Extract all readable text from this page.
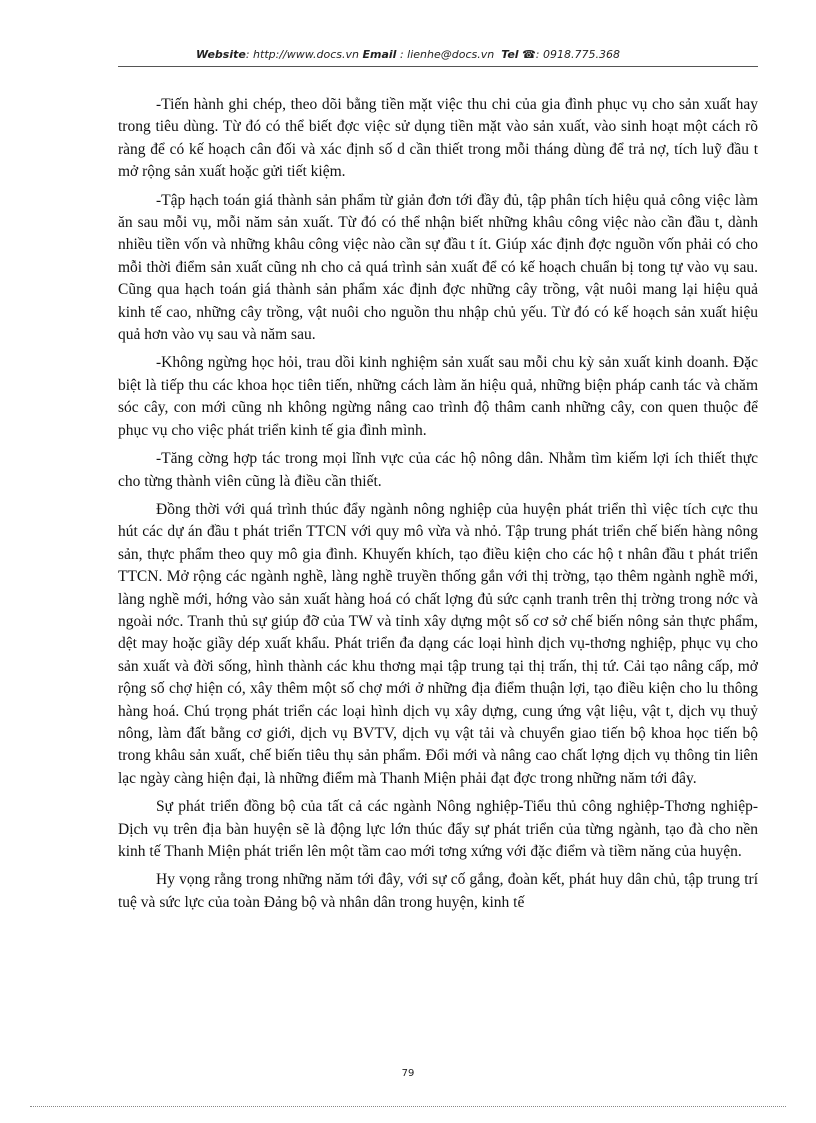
Website: http://www.docs.vn Email : lienhe@docs.vn Tel ☎: 0918.775.368

-Tiến hành ghi chép, theo dõi bằng tiền mặt việc thu chi của gia đình phục vụ cho sản xuất hay trong tiêu dùng. Từ đó có thể biết đợc việc sử dụng tiền mặt vào sản xuất, vào sinh hoạt một cách rõ ràng để có kế hoạch cân đối và xác định số d cần thiết trong mỗi tháng dùng để trả nợ, tích luỹ đầu t mở rộng sản xuất hoặc gửi tiết kiệm.

-Tập hạch toán giá thành sản phẩm từ giản đơn tới đầy đủ, tập phân tích hiệu quả công việc làm ăn sau mỗi vụ, mỗi năm sản xuất. Từ đó có thể nhận biết những khâu công việc nào cần đầu t, dành nhiều tiền vốn và những khâu công việc nào cần sự đầu t ít. Giúp xác định đợc nguồn vốn phải có cho mỗi thời điểm sản xuất cũng nh cho cả quá trình sản xuất để có kế hoạch chuẩn bị tong tự vào vụ sau. Cũng qua hạch toán giá thành sản phẩm xác định đợc những cây trồng, vật nuôi mang lại hiệu quả kinh tế cao, những cây trồng, vật nuôi cho nguồn thu nhập chủ yếu. Từ đó có kế hoạch sản xuất hiệu quả hơn vào vụ sau và năm sau.

-Không ngừng học hỏi, trau dồi kinh nghiệm sản xuất sau mỗi chu kỳ sản xuất kinh doanh. Đặc biệt là tiếp thu các khoa học tiên tiến, những cách làm ăn hiệu quả, những biện pháp canh tác và chăm sóc cây, con mới cũng nh không ngừng nâng cao trình độ thâm canh những cây, con quen thuộc để phục vụ cho việc phát triển kinh tế gia đình mình.

-Tăng cờng hợp tác trong mọi lĩnh vực của các hộ nông dân. Nhằm tìm kiếm lợi ích thiết thực cho từng thành viên cũng là điều cần thiết.

Đồng thời với quá trình thúc đẩy ngành nông nghiệp của huyện phát triển thì việc tích cực thu hút các dự án đầu t phát triển TTCN với quy mô vừa và nhỏ. Tập trung phát triển chế biến hàng nông sản, thực phẩm theo quy mô gia đình. Khuyến khích, tạo điều kiện cho các hộ t nhân đầu t phát triển TTCN. Mở rộng các ngành nghề, làng nghề truyền thống gắn với thị trờng, tạo thêm ngành nghề mới, làng nghề mới, hớng vào sản xuất hàng hoá có chất lợng đủ sức cạnh tranh trên thị trờng trong nớc và ngoài nớc. Tranh thủ sự giúp đỡ của TW và tỉnh xây dựng một số cơ sở chế biến nông sản thực phẩm, dệt may hoặc giầy dép xuất khẩu. Phát triển đa dạng các loại hình dịch vụ-thơng nghiệp, phục vụ cho sản xuất và đời sống, hình thành các khu thơng mại tập trung tại thị trấn, thị tứ. Cải tạo nâng cấp, mở rộng số chợ hiện có, xây thêm một số chợ mới ở những địa điểm thuận lợi, tạo điều kiện cho lu thông hàng hoá. Chú trọng phát triển các loại hình dịch vụ xây dựng, cung ứng vật liệu, vật t, dịch vụ thuỷ nông, làm đất bằng cơ giới, dịch vụ BVTV, dịch vụ vật tải và chuyển giao tiến bộ khoa học tiến bộ trong khâu sản xuất, chế biến tiêu thụ sản phẩm. Đổi mới và nâng cao chất lợng dịch vụ thông tin liên lạc ngày càng hiện đại, là những điểm mà Thanh Miện phải đạt đợc trong những năm tới đây.

Sự phát triển đồng bộ của tất cả các ngành Nông nghiệp-Tiểu thủ công nghiệp-Thơng nghiệp-Dịch vụ trên địa bàn huyện sẽ là động lực lớn thúc đẩy sự phát triển của từng ngành, tạo đà cho nền kinh tế Thanh Miện phát triển lên một tầm cao mới tơng xứng với đặc điểm và tiềm năng của huyện.

Hy vọng rằng trong những năm tới đây, với sự cố gắng, đoàn kết, phát huy dân chủ, tập trung trí tuệ và sức lực của toàn Đảng bộ và nhân dân trong huyện, kinh tế

79
